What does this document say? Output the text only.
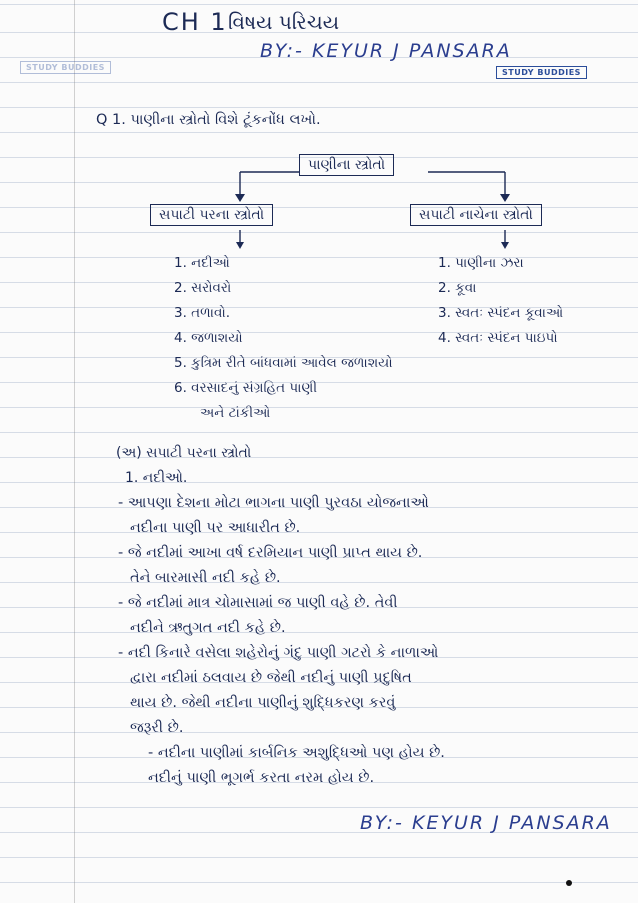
CH 1 વિષય પરિચય
BY:- KEYUR J PANSARA
STUDY BUDDIES
STUDY BUDDIES
Q 1. પાણીના સ્ત્રોતો વિશે ટૂંકનોંધ લખો.
પાણીના સ્ત્રોતો
સપાટી પરના સ્ત્રોતો	સપાટી નાચેના સ્ત્રોતો
1. નદીઓ
2. સરોવરો
3. તળાવો.
4. જળાશયો
5. કુત્રિમ રીતે બાંધવામાં આવેલ જળાશયો
6. વરસાદનું સંગ્રહિત પાણી
અને ટાંકીઓ
1. પાણીના ઝરા
2. કૂવા
3. સ્વતઃ સ્પંદન કૂવાઓ
4. સ્વતઃ સ્પંદન પાઇપો
(અ) સપાટી પરના સ્ત્રોતો
1. નદીઓ.
- આપણા દેશના મોટા ભાગના પાણી પુરવઠા યોજનાઓ
નદીના પાણી પર આધારીત છે.
- જે નદીમાં આખા વર્ષ દરમિયાન પાણી પ્રાપ્ત થાય છે.
તેને બારમાસી નદી કહે છે.
- જે નદીમાં માત્ર ચોમાસામાં જ પાણી વહે છે. તેવી
નદીને ઋતુગત નદી કહે છે.
- નદી કિનારે વસેલા શહેરોનું ગંદુ પાણી ગટરો કે નાળાઓ
દ્વારા નદીમાં ઠલવાય છે જેથી નદીનું પાણી પ્રદુષિત
થાય છે. જેથી નદીના પાણીનું શુદ્ધિકરણ કરવું
જરૂરી છે.
- નદીના પાણીમાં કાર્બનિક અશુદ્ધિઓ પણ હોય છે.
નદીનું પાણી ભૂગર્ભ કરતા નરમ હોય છે.
BY:- KEYUR J PANSARA
